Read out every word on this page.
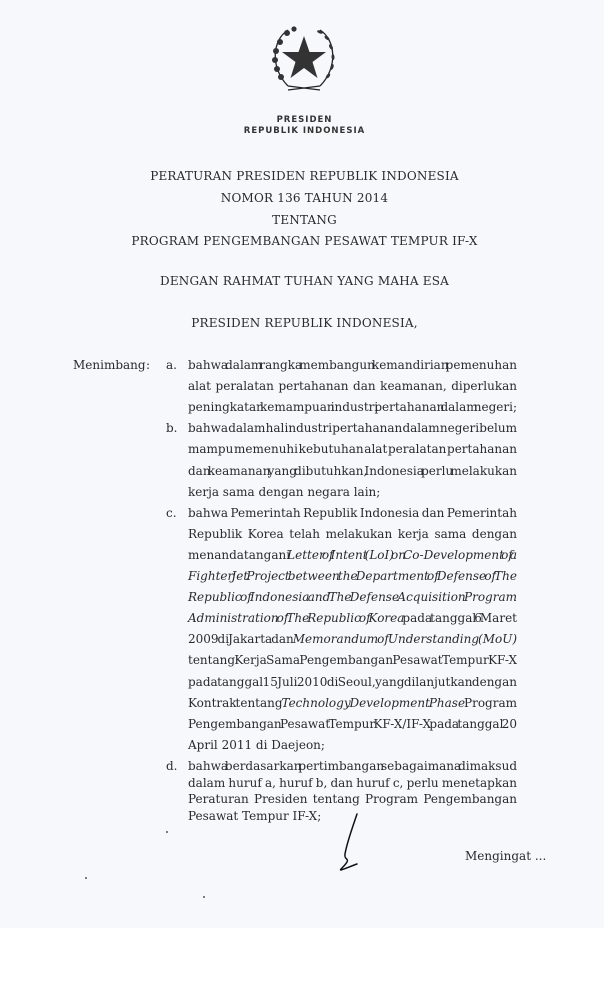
PRESIDEN
REPUBLIK INDONESIA
PERATURAN PRESIDEN REPUBLIK INDONESIA
NOMOR 136 TAHUN 2014
TENTANG
PROGRAM PENGEMBANGAN PESAWAT TEMPUR IF-X
DENGAN RAHMAT TUHAN YANG MAHA ESA
PRESIDEN REPUBLIK INDONESIA,
Menimbang : a. bahwa dalam rangka membangun kemandirian pemenuhan
alat peralatan pertahanan dan keamanan, diperlukan
peningkatan kemampuan industri pertahanan dalam negeri;
b. bahwa dalam hal industri pertahanan dalam negeri belum
mampu memenuhi kebutuhan alat peralatan pertahanan
dan keamanan yang dibutuhkan, Indonesia perlu melakukan
kerja sama dengan negara lain;
c. bahwa Pemerintah Republik Indonesia dan Pemerintah
Republik Korea telah melakukan kerja sama dengan
menandatangani Letter of Intent (LoI) on Co-Development of a
Fighter Jet Project between the Department of Defense of The
Republic of Indonesia and The Defense Acquisition Program
Administration of The Republic of Korea pada tanggal 6 Maret
2009 di Jakarta dan Memorandum of Understanding (MoU)
tentang Kerja Sama Pengembangan Pesawat Tempur KF-X
pada tanggal 15 Juli 2010 di Seoul, yang dilanjutkan dengan
Kontrak tentang Technology Development Phase Program
Pengembangan Pesawat Tempur KF-X/IF-X pada tanggal 20
April 2011 di Daejeon;
d. bahwa berdasarkan pertimbangan sebagaimana dimaksud
dalam huruf a, huruf b, dan huruf c, perlu menetapkan
Peraturan Presiden tentang Program Pengembangan
Pesawat Tempur IF-X;
Mengingat ...
